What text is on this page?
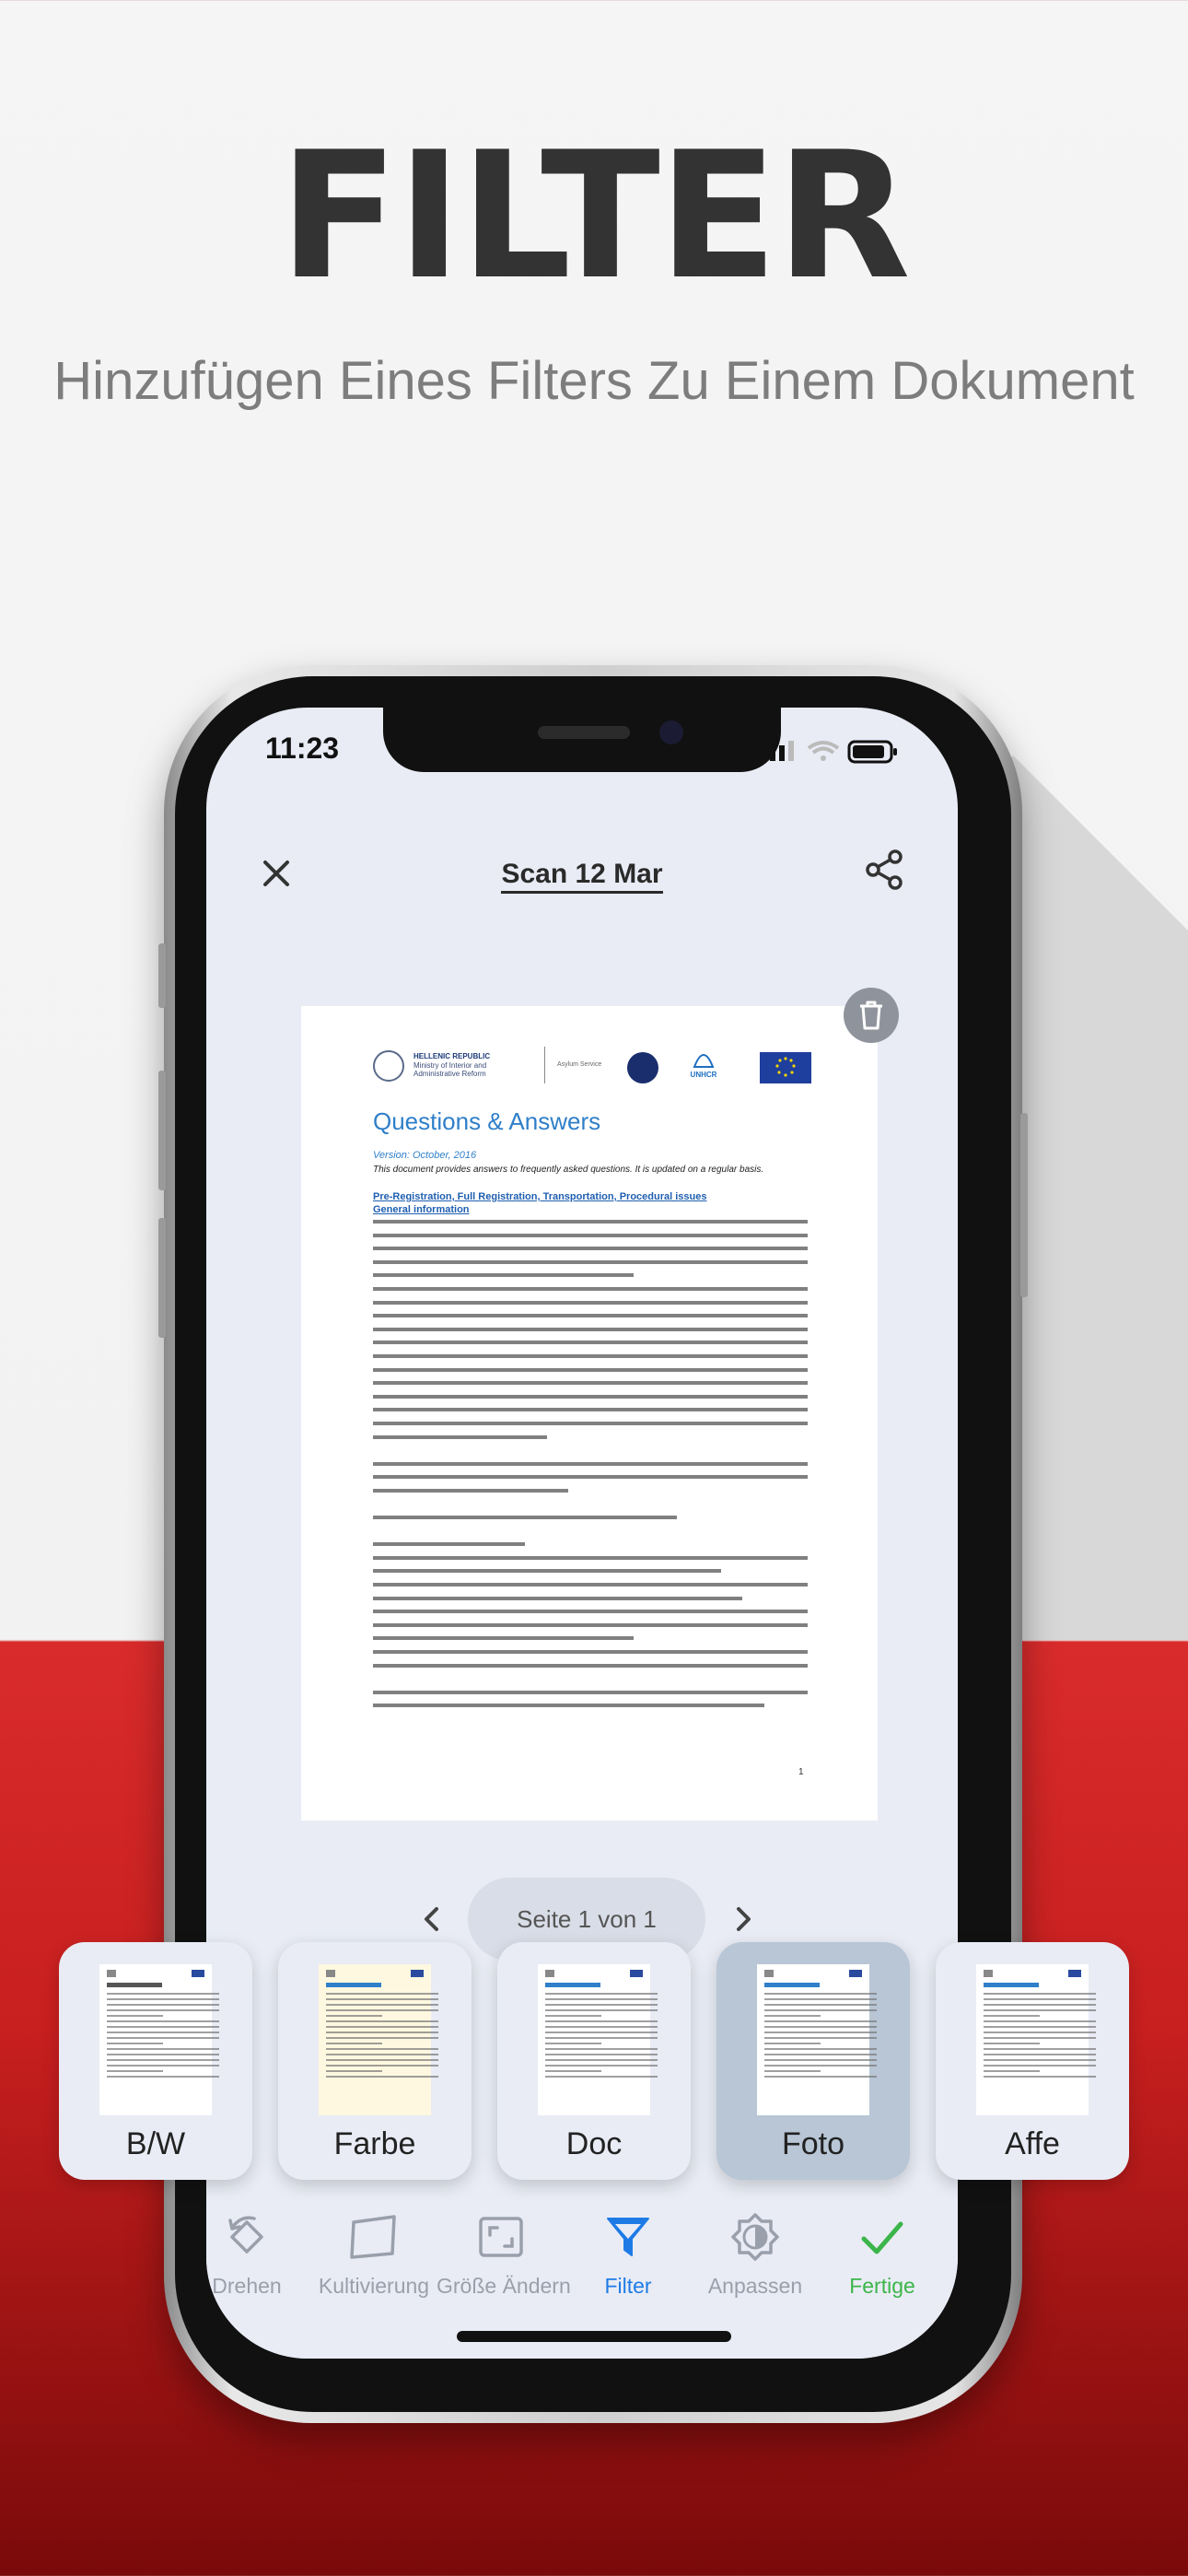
FILTER
Hinzufügen Eines Filters Zu Einem Dokument
11:23
Scan 12 Mar
HELLENIC REPUBLIC
Ministry of Interior and Administrative Reform
Asylum Service
UNHCR
Questions & Answers
Version: October, 2016
This document provides answers to frequently asked questions. It is updated on a regular basis.
Pre-Registration, Full Registration, Transportation, Procedural issues
General information
1
Seite 1 von 1
Drehen	Kultivierung Größe Ändern	Filter	Anpassen	Fertige
B/W	Farbe	Doc	Foto	Affe
